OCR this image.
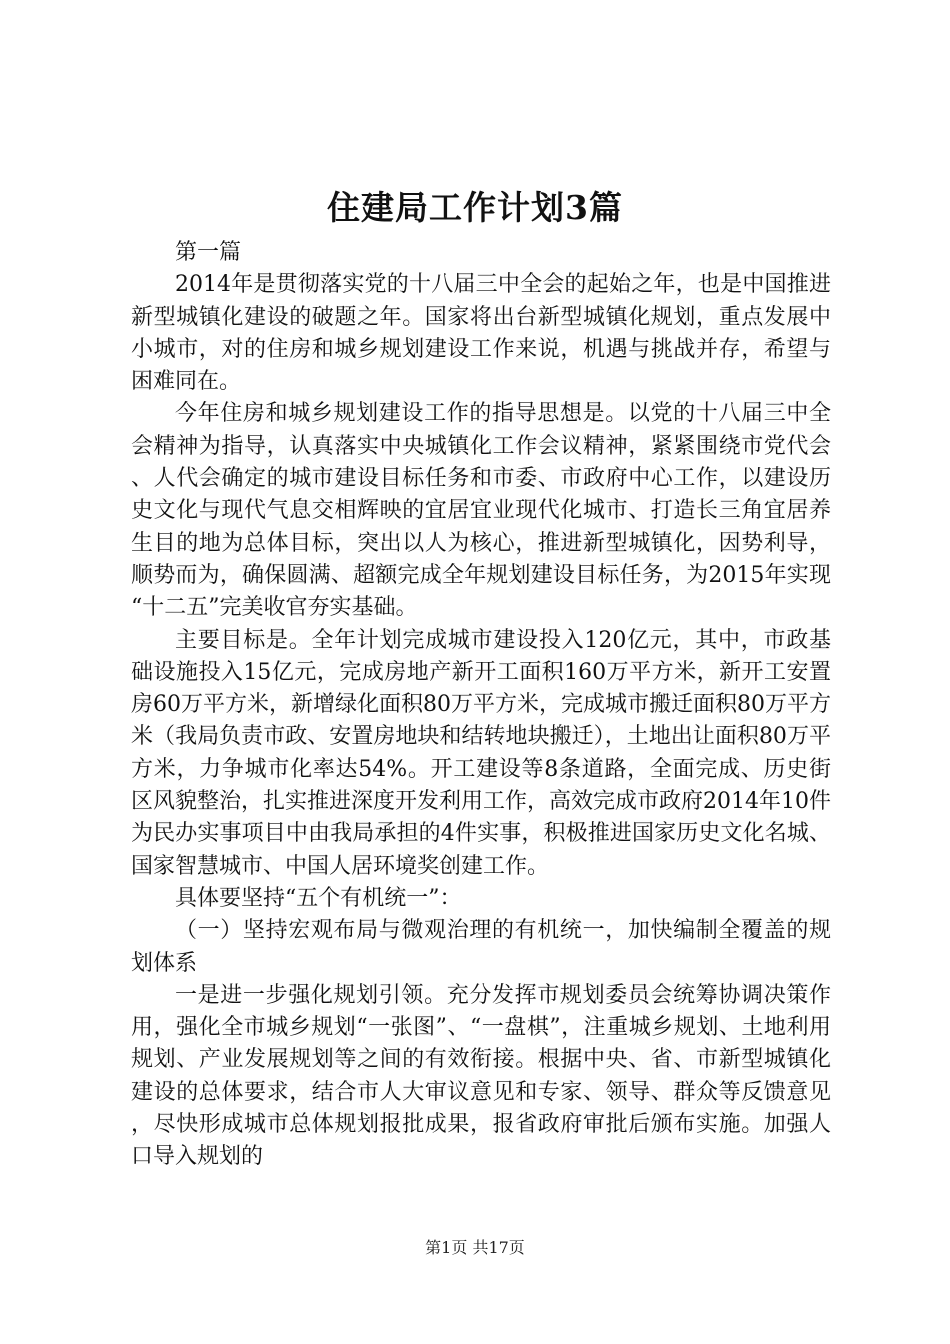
住建局工作计划3篇

第一篇

2014年是贯彻落实党的十八届三中全会的起始之年，也是中国推进新型城镇化建设的破题之年。国家将出台新型城镇化规划，重点发展中小城市，对的住房和城乡规划建设工作来说，机遇与挑战并存，希望与困难同在。

今年住房和城乡规划建设工作的指导思想是。以党的十八届三中全会精神为指导，认真落实中央城镇化工作会议精神，紧紧围绕市党代会、人代会确定的城市建设目标任务和市委、市政府中心工作，以建设历史文化与现代气息交相辉映的宜居宜业现代化城市、打造长三角宜居养生目的地为总体目标，突出以人为核心，推进新型城镇化，因势利导，顺势而为，确保圆满、超额完成全年规划建设目标任务，为2015年实现“十二五”完美收官夯实基础。

主要目标是。全年计划完成城市建设投入120亿元，其中，市政基础设施投入15亿元，完成房地产新开工面积160万平方米，新开工安置房60万平方米，新增绿化面积80万平方米，完成城市搬迁面积80万平方米（我局负责市政、安置房地块和结转地块搬迁），土地出让面积80万平方米，力争城市化率达54%。开工建设等8条道路，全面完成、历史街区风貌整治，扎实推进深度开发利用工作，高效完成市政府2014年10件为民办实事项目中由我局承担的4件实事，积极推进国家历史文化名城、国家智慧城市、中国人居环境奖创建工作。

具体要坚持“五个有机统一”：

（一）坚持宏观布局与微观治理的有机统一，加快编制全覆盖的规划体系

一是进一步强化规划引领。充分发挥市规划委员会统筹协调决策作用，强化全市城乡规划“一张图”、“一盘棋”，注重城乡规划、土地利用规划、产业发展规划等之间的有效衔接。根据中央、省、市新型城镇化建设的总体要求，结合市人大审议意见和专家、领导、群众等反馈意见，尽快形成城市总体规划报批成果，报省政府审批后颁布实施。加强人口导入规划的

第1页 共17页
